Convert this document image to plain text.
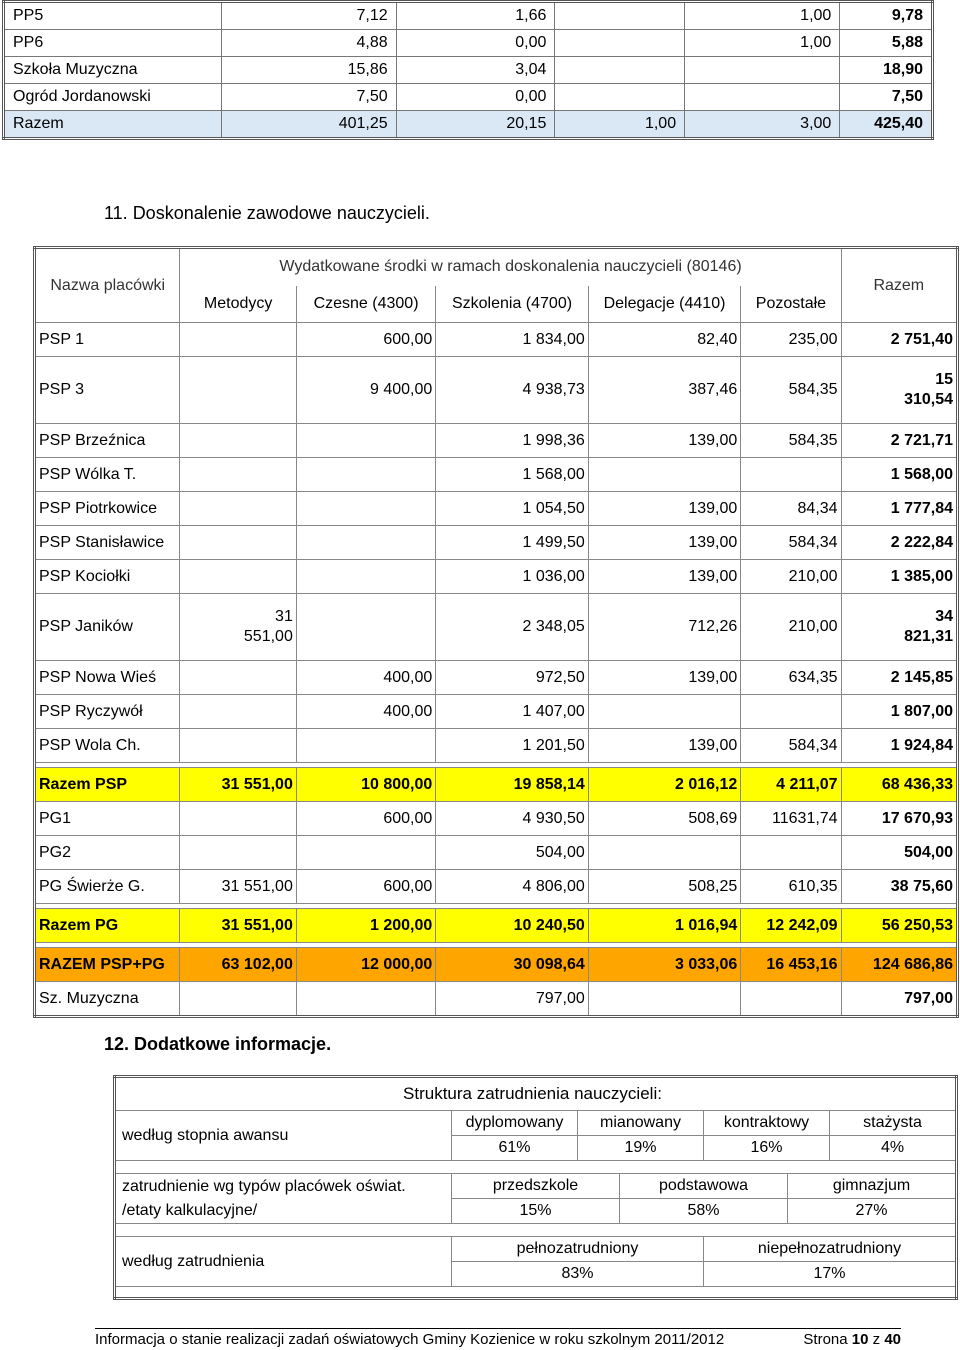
PP5	7,12	1,66		1,00	9,78
PP6	4,88	0,00		1,00	5,88
Szkoła Muzyczna	15,86	3,04			18,90
Ogród Jordanowski	7,50	0,00			7,50
Razem	401,25	20,15	1,00	3,00	425,40
11. Doskonalenie zawodowe nauczycieli.
Nazwa placówki	Wydatkowane środki w ramach doskonalenia nauczycieli (80146)					Razem
	Metodycy	Czesne (4300)	Szkolenia (4700)	Delegacje (4410)	Pozostałe	
PSP 1		600,00	1 834,00	82,40	235,00	2 751,40
PSP 3		9 400,00	4 938,73	387,46	584,35	15 310,54

PSP Brzeźnica			1 998,36	139,00	584,35	2 721,71
PSP Wólka T.			1 568,00			1 568,00
PSP Piotrkowice			1 054,50	139,00	84,34	1 777,84
PSP Stanisławice			1 499,50	139,00	584,34	2 222,84
PSP Kociołki			1 036,00	139,00	210,00	1 385,00
PSP Janików	31 551,00		2 348,05	712,26	210,00	34 821,31

PSP Nowa Wieś		400,00	972,50	139,00	634,35	2 145,85
PSP Ryczywół		400,00	1 407,00			1 807,00
PSP Wola Ch.			1 201,50	139,00	584,34	1 924,84

Razem PSP	31 551,00	10 800,00	19 858,14	2 016,12	4 211,07	68 436,33
PG1		600,00	4 930,50	508,69	11631,74	17 670,93
PG2			504,00			504,00
PG Świerże G.	31 551,00	600,00	4 806,00	508,25	610,35	38 75,60

Razem PG	31 551,00	1 200,00	10 240,50	1 016,94	12 242,09	56 250,53

RAZEM PSP+PG	63 102,00	12 000,00	30 098,64	3 033,06	16 453,16	124 686,86
Sz. Muzyczna			797,00			797,00
12. Dodatkowe informacje.
Struktura zatrudnienia nauczycieli:						
według stopnia awansu	dyplomowany	mianowany		kontraktowy		stażysta
	61%	19%		16%		4%

zatrudnienie wg typów placówek oświat. /etaty kalkulacyjne/	przedszkole		podstawowa		gimnazjum	
	15%		58%		27%	

według zatrudnienia	pełnozatrudniony			niepełnozatrudniony		
	83%			17%		

Informacja o stanie realizacji zadań oświatowych Gminy Kozienice w roku szkolnym 2011/2012	Strona 10 z 40
